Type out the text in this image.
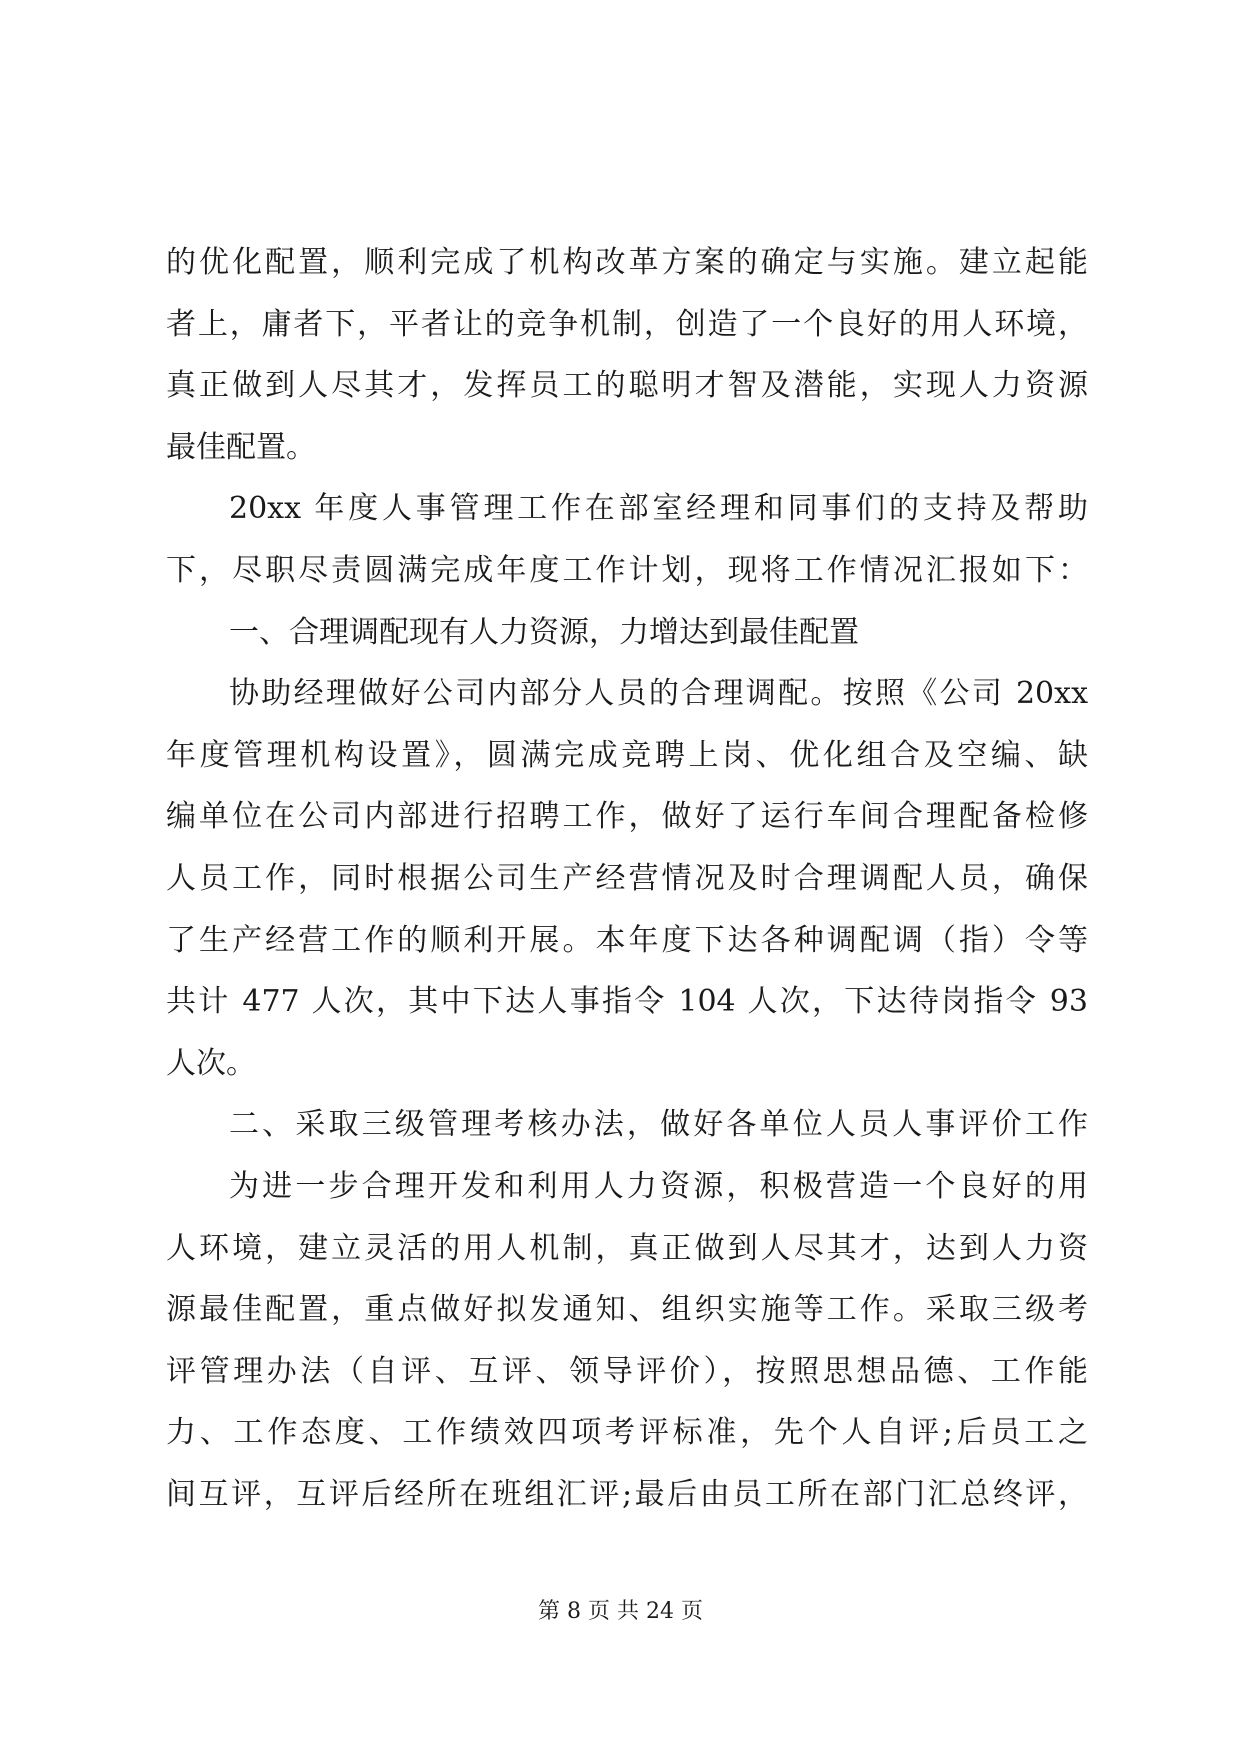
的优化配置，顺利完成了机构改革方案的确定与实施。建立起能
者上，庸者下，平者让的竞争机制，创造了一个良好的用人环境，
真正做到人尽其才，发挥员工的聪明才智及潜能，实现人力资源
最佳配置。
20xx 年度人事管理工作在部室经理和同事们的支持及帮助
下，尽职尽责圆满完成年度工作计划，现将工作情况汇报如下：
一、合理调配现有人力资源，力增达到最佳配置
协助经理做好公司内部分人员的合理调配。按照《公司 20xx
年度管理机构设置》，圆满完成竞聘上岗、优化组合及空编、缺
编单位在公司内部进行招聘工作，做好了运行车间合理配备检修
人员工作，同时根据公司生产经营情况及时合理调配人员，确保
了生产经营工作的顺利开展。本年度下达各种调配调（指）令等
共计 477 人次，其中下达人事指令 104 人次，下达待岗指令 93
人次。
二、采取三级管理考核办法，做好各单位人员人事评价工作
为进一步合理开发和利用人力资源，积极营造一个良好的用
人环境，建立灵活的用人机制，真正做到人尽其才，达到人力资
源最佳配置，重点做好拟发通知、组织实施等工作。采取三级考
评管理办法（自评、互评、领导评价），按照思想品德、工作能
力、工作态度、工作绩效四项考评标准，先个人自评;后员工之
间互评，互评后经所在班组汇评;最后由员工所在部门汇总终评，
第 8 页 共 24 页
